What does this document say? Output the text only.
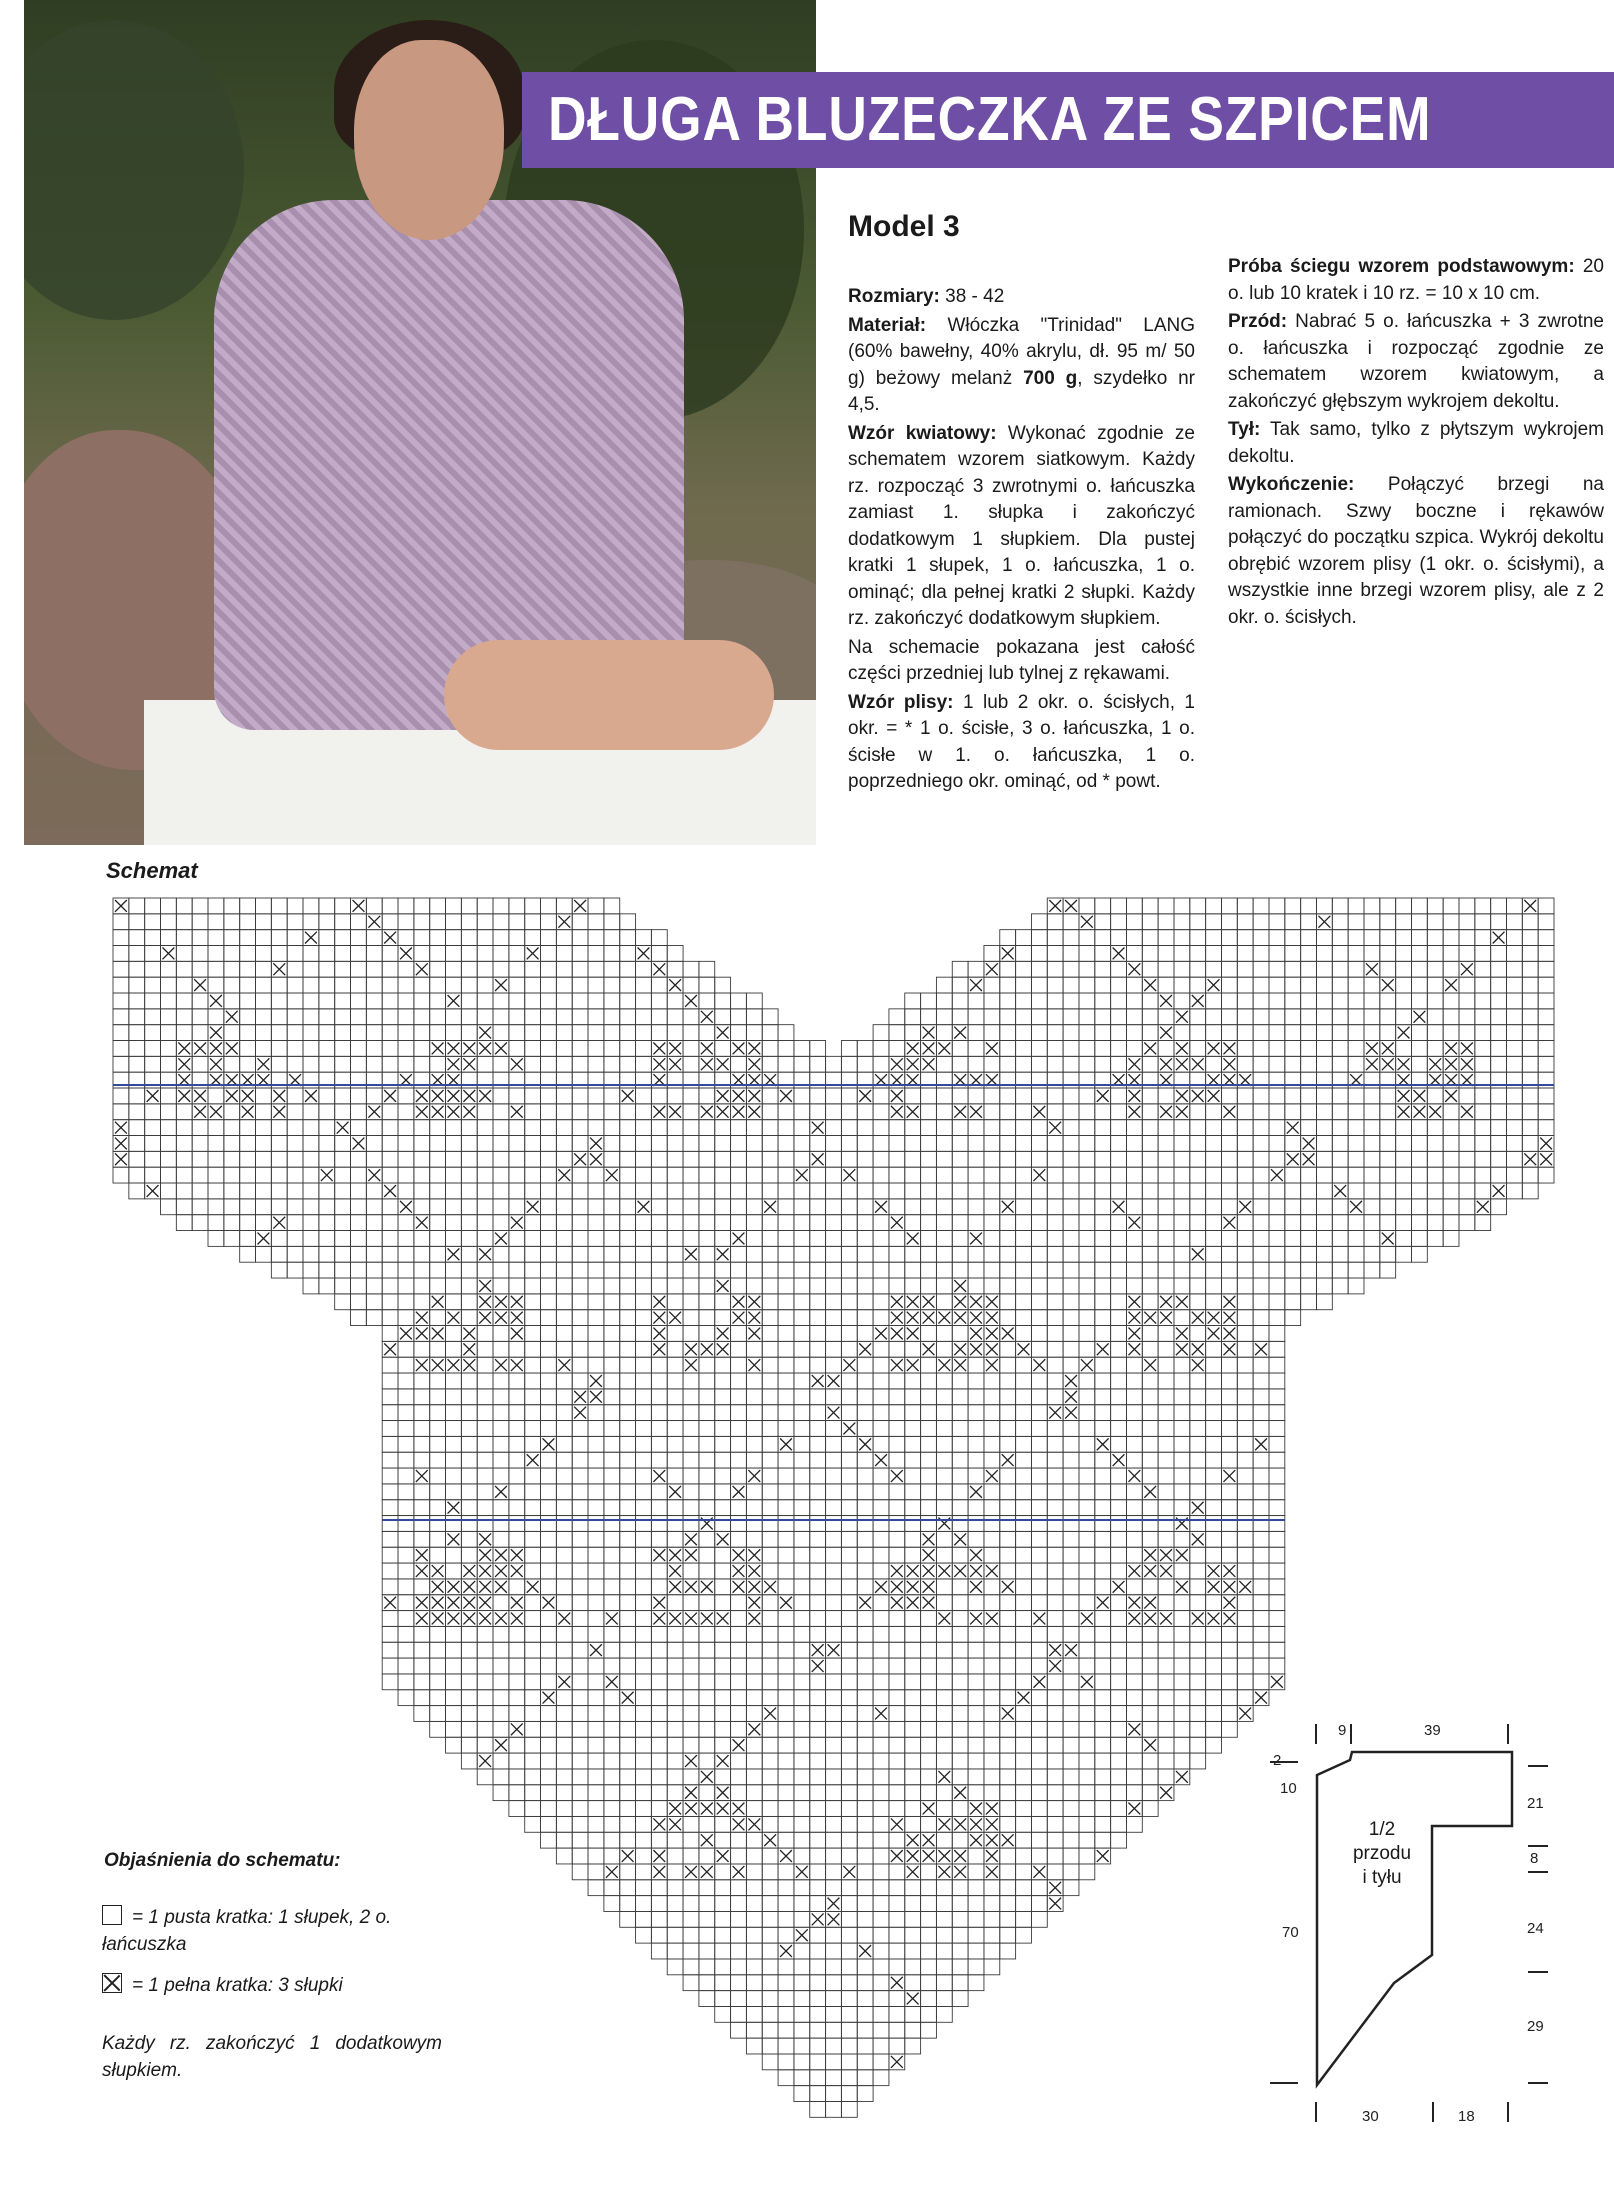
DŁUGA BLUZECZKA ZE SZPICEM
Model 3

Rozmiary: 38 - 42

Materiał: Włóczka "Trinidad" LANG (60% bawełny, 40% akrylu, dł. 95 m/ 50 g) beżowy melanż 700 g, szydełko nr 4,5.

Wzór kwiatowy: Wykonać zgodnie ze schematem wzorem siatkowym. Każdy rz. rozpocząć 3 zwrotnymi o. łańcuszka zamiast 1. słupka i zakończyć dodatkowym 1 słupkiem. Dla pustej kratki 1 słupek, 1 o. łańcuszka, 1 o. ominąć; dla pełnej kratki 2 słupki. Każdy rz. zakończyć dodatkowym słupkiem.

Na schemacie pokazana jest całość części przedniej lub tylnej z rękawami.

Wzór plisy: 1 lub 2 okr. o. ścisłych, 1 okr. = * 1 o. ścisłe, 3 o. łańcuszka, 1 o. ścisłe w 1. o. łańcuszka, 1 o. poprzedniego okr. ominąć, od * powt.

Próba ściegu wzorem podstawowym: 20 o. lub 10 kratek i 10 rz. = 10 x 10 cm.

Przód: Nabrać 5 o. łańcuszka + 3 zwrotne o. łańcuszka i rozpocząć zgodnie ze schematem wzorem kwiatowym, a zakończyć głębszym wykrojem dekoltu.

Tył: Tak samo, tylko z płytszym wykrojem dekoltu.

Wykończenie: Połączyć brzegi na ramionach. Szwy boczne i rękawów połączyć do początku szpica. Wykrój dekoltu obrębić wzorem plisy (1 okr. o. ścisłymi), a wszystkie inne brzegi wzorem plisy, ale z 2 okr. o. ścisłych.

Schemat
Objaśnienia do schematu:
= 1 pusta kratka: 1 słupek, 2 o. łańcuszka
= 1 pełna kratka: 3 słupki
Każdy rz. zakończyć 1 dodatkowym słupkiem.
9	39
2
10
70
21
8
24
29
30	18
1/2
przodu
i tyłu
